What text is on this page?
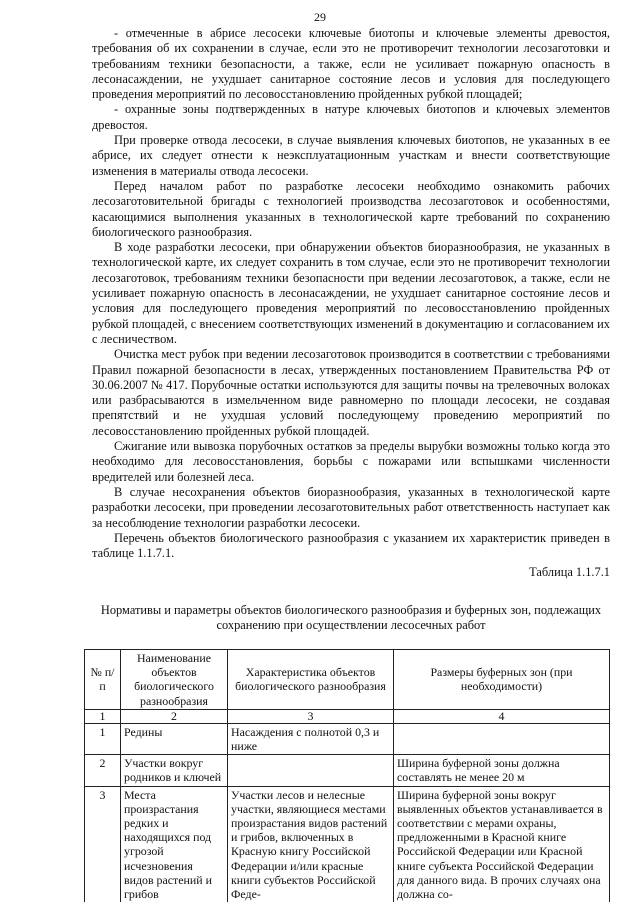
29

- отмеченные в абрисе лесосеки ключевые биотопы и ключевые элементы древостоя, требования об их сохранении в случае, если это не противоречит технологии лесозаготовки и требованиям техники безопасности, а также, если не усиливает пожарную опасность в лесонасаждении, не ухудшает санитарное состояние лесов и условия для последующего проведения мероприятий по лесовосстановлению пройденных рубкой площадей;

- охранные зоны подтвержденных в натуре ключевых биотопов и ключевых элементов древостоя.

При проверке отвода лесосеки, в случае выявления ключевых биотопов, не указанных в ее абрисе, их следует отнести к неэксплуатационным участкам и внести соответствующие изменения в материалы отвода лесосеки.

Перед началом работ по разработке лесосеки необходимо ознакомить рабочих лесозаготовительной бригады с технологией производства лесозаготовок и особенностями, касающимися выполнения указанных в технологической карте требований по сохранению биологического разнообразия.

В ходе разработки лесосеки, при обнаружении объектов биоразнообразия, не указанных в технологической карте, их следует сохранить в том случае, если это не противоречит технологии лесозаготовок, требованиям техники безопасности при ведении лесозаготовок, а также, если не усиливает пожарную опасность в лесонасаждении, не ухудшает санитарное состояние лесов и условия для последующего проведения мероприятий по лесовосстановлению пройденных рубкой площадей, с внесением соответствующих изменений в документацию и согласованием их с лесничеством.

Очистка мест рубок при ведении лесозаготовок производится в соответствии с требованиями Правил пожарной безопасности в лесах, утвержденных постановлением Правительства РФ от 30.06.2007 № 417. Порубочные остатки используются для защиты почвы на трелевочных волоках или разбрасываются в измельченном виде равномерно по площади лесосеки, не создавая препятствий и не ухудшая условий последующему проведению мероприятий по лесовосстановлению пройденных рубкой площадей.

Сжигание или вывозка порубочных остатков за пределы вырубки возможны только когда это необходимо для лесовосстановления, борьбы с пожарами или вспышками численности вредителей или болезней леса.

В случае несохранения объектов биоразнообразия, указанных в технологической карте разработки лесосеки, при проведении лесозаготовительных работ ответственность наступает как за несоблюдение технологии разработки лесосеки.

Перечень объектов биологического разнообразия с указанием их характеристик приведен в таблице 1.1.7.1.

Таблица 1.1.7.1
Нормативы и параметры объектов биологического разнообразия и буферных зон, подлежащих сохранению при осуществлении лесосечных работ
№ п/п	Наименование объектов биологического разнообразия	Характеристика объектов биологического разнообразия	Размеры буферных зон (при необходимости)
1	2	3	4
1	Редины	Насаждения с полнотой 0,3 и ниже	
2	Участки вокруг родников и ключей		Ширина буферной зоны должна составлять не менее 20 м
3	Места произрастания редких и находящихся под угрозой исчезновения видов растений и грибов	Участки лесов и нелесные участки, являющиеся местами произрастания видов растений и грибов, включенных в Красную книгу Российской Федерации и/или красные книги субъектов Российской Феде-	Ширина буферной зоны вокруг выявленных объектов устанавливается в соответствии с мерами охраны, предложенными в Красной книге Российской Федерации или Красной книге субъекта Российской Федерации для данного вида. В прочих случаях она должна со-
